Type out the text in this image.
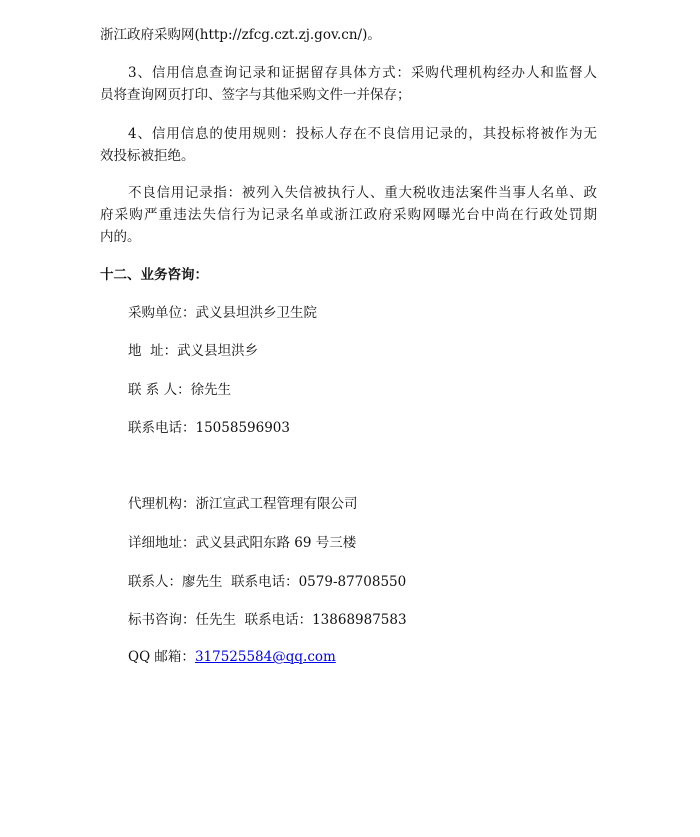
浙江政府采购网(http://zfcg.czt.zj.gov.cn/)。
3、信用信息查询记录和证据留存具体方式：采购代理机构经办人和监督人
员将查询网页打印、签字与其他采购文件一并保存；
4、信用信息的使用规则：投标人存在不良信用记录的，其投标将被作为无
效投标被拒绝。
不良信用记录指：被列入失信被执行人、重大税收违法案件当事人名单、政
府采购严重违法失信行为记录名单或浙江政府采购网曝光台中尚在行政处罚期
内的。
十二、业务咨询：
采购单位：武义县坦洪乡卫生院
地  址：武义县坦洪乡
联 系 人：徐先生
联系电话：15058596903
代理机构：浙江宣武工程管理有限公司
详细地址：武义县武阳东路 69 号三楼
联系人：廖先生  联系电话：0579-87708550
标书咨询：任先生  联系电话：13868987583
QQ 邮箱：317525584@qq.com
